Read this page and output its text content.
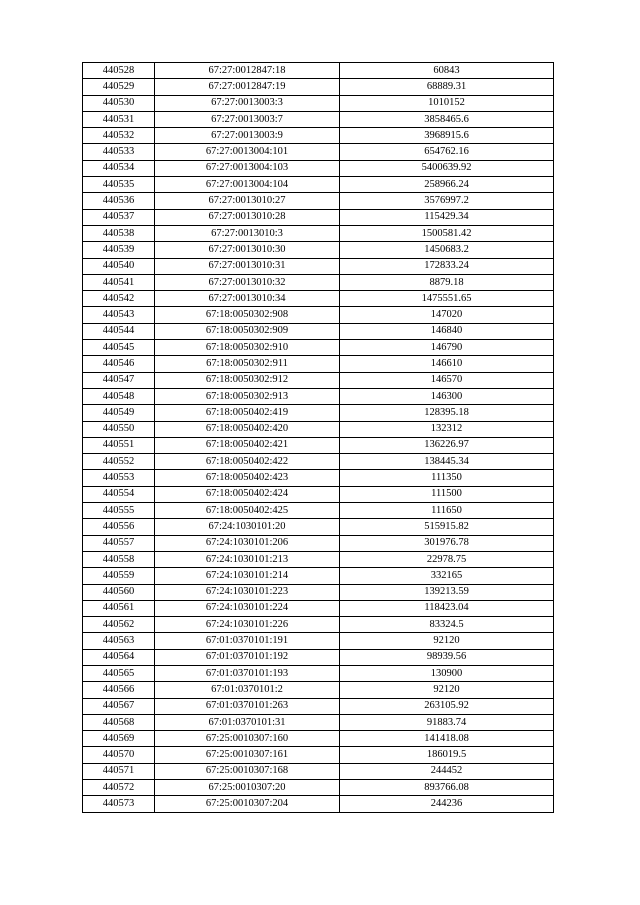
440528	67:27:0012847:18	60843
440529	67:27:0012847:19	68889.31
440530	67:27:0013003:3	1010152
440531	67:27:0013003:7	3858465.6
440532	67:27:0013003:9	3968915.6
440533	67:27:0013004:101	654762.16
440534	67:27:0013004:103	5400639.92
440535	67:27:0013004:104	258966.24
440536	67:27:0013010:27	3576997.2
440537	67:27:0013010:28	115429.34
440538	67:27:0013010:3	1500581.42
440539	67:27:0013010:30	1450683.2
440540	67:27:0013010:31	172833.24
440541	67:27:0013010:32	8879.18
440542	67:27:0013010:34	1475551.65
440543	67:18:0050302:908	147020
440544	67:18:0050302:909	146840
440545	67:18:0050302:910	146790
440546	67:18:0050302:911	146610
440547	67:18:0050302:912	146570
440548	67:18:0050302:913	146300
440549	67:18:0050402:419	128395.18
440550	67:18:0050402:420	132312
440551	67:18:0050402:421	136226.97
440552	67:18:0050402:422	138445.34
440553	67:18:0050402:423	111350
440554	67:18:0050402:424	111500
440555	67:18:0050402:425	111650
440556	67:24:1030101:20	515915.82
440557	67:24:1030101:206	301976.78
440558	67:24:1030101:213	22978.75
440559	67:24:1030101:214	332165
440560	67:24:1030101:223	139213.59
440561	67:24:1030101:224	118423.04
440562	67:24:1030101:226	83324.5
440563	67:01:0370101:191	92120
440564	67:01:0370101:192	98939.56
440565	67:01:0370101:193	130900
440566	67:01:0370101:2	92120
440567	67:01:0370101:263	263105.92
440568	67:01:0370101:31	91883.74
440569	67:25:0010307:160	141418.08
440570	67:25:0010307:161	186019.5
440571	67:25:0010307:168	244452
440572	67:25:0010307:20	893766.08
440573	67:25:0010307:204	244236
